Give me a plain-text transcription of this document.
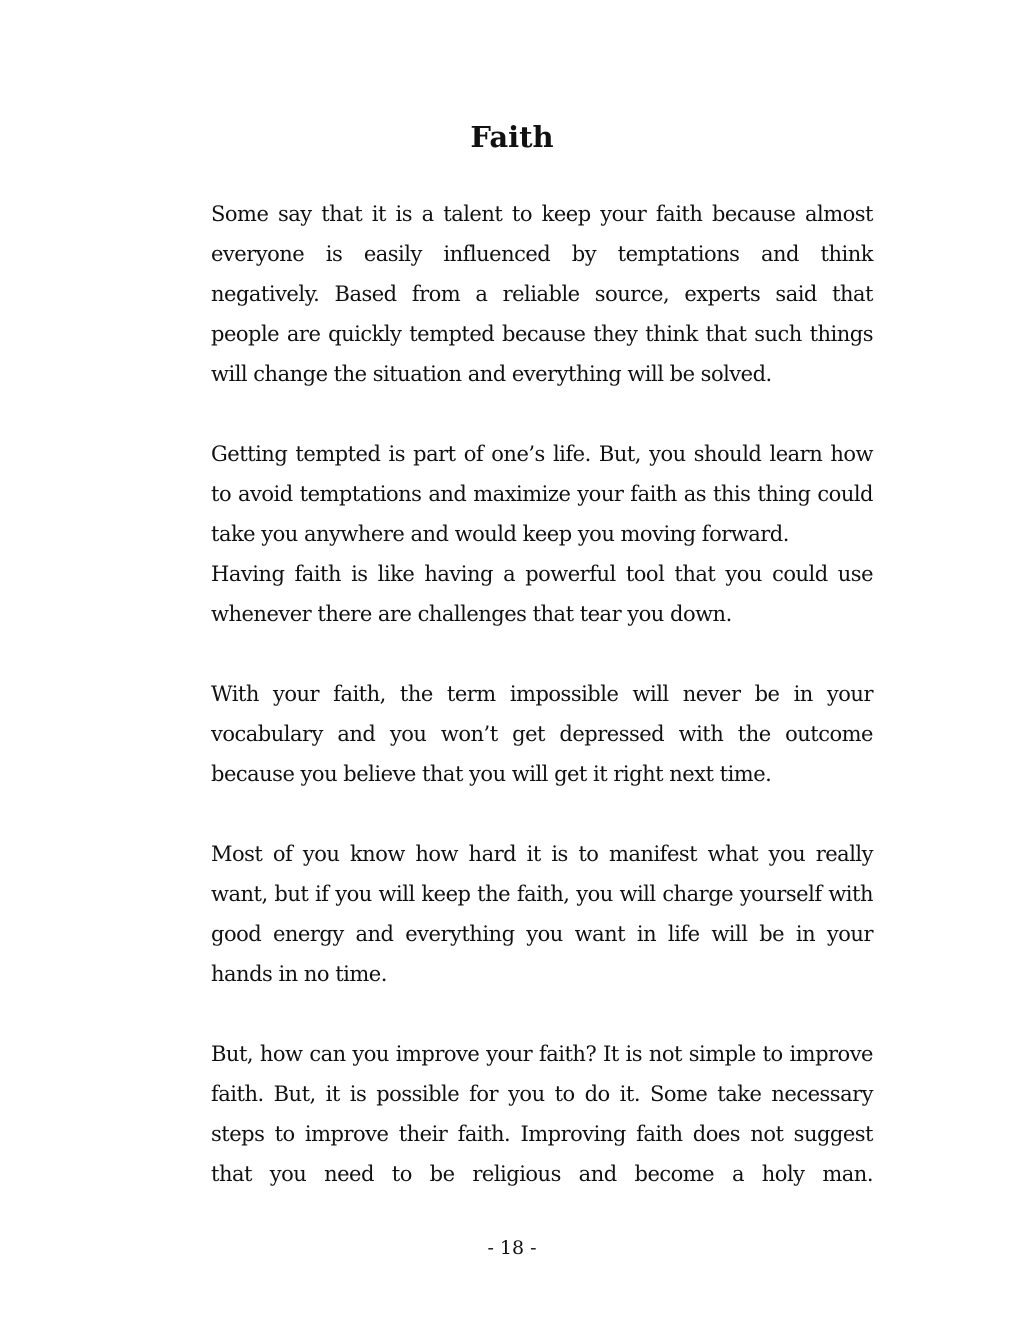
Faith

Some say that it is a talent to keep your faith because almost everyone is easily influenced by temptations and think negatively. Based from a reliable source, experts said that people are quickly tempted because they think that such things will change the situation and everything will be solved.

Getting tempted is part of one’s life. But, you should learn how to avoid temptations and maximize your faith as this thing could take you anywhere and would keep you moving forward.

Having faith is like having a powerful tool that you could use whenever there are challenges that tear you down.

With your faith, the term impossible will never be in your vocabulary and you won’t get depressed with the outcome because you believe that you will get it right next time.

Most of you know how hard it is to manifest what you really want, but if you will keep the faith, you will charge yourself with good energy and everything you want in life will be in your hands in no time.

But, how can you improve your faith? It is not simple to improve faith. But, it is possible for you to do it. Some take necessary steps to improve their faith. Improving faith does not suggest that you need to be religious and become a holy man.

- 18 -
